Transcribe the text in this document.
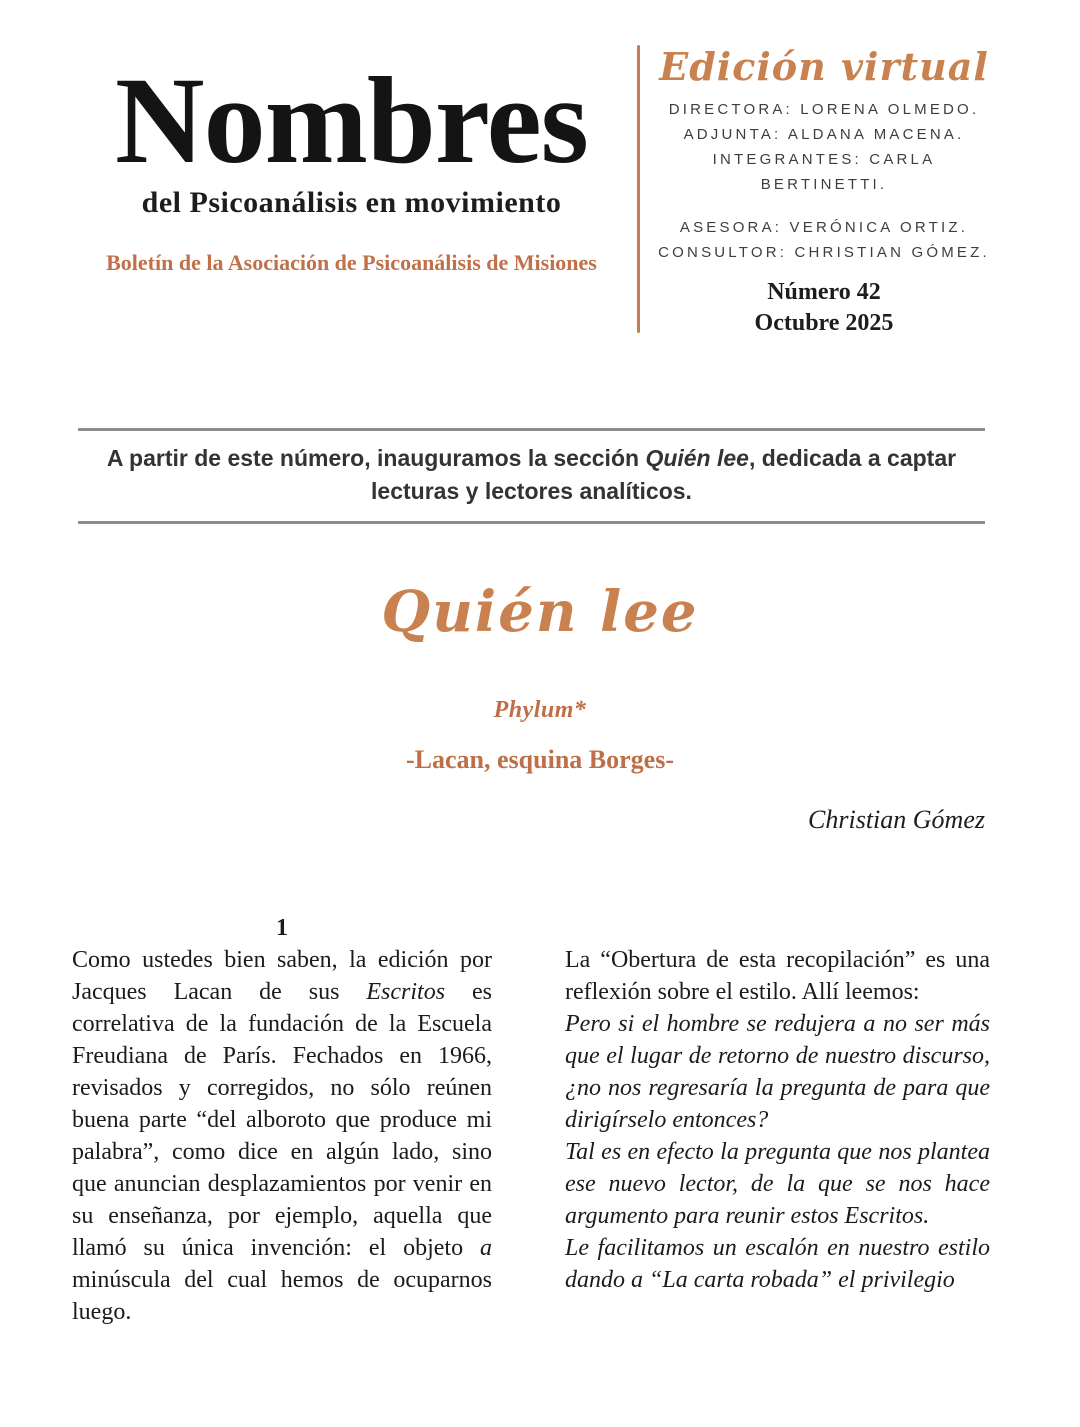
Nombres
del Psicoanálisis en movimiento
Boletín de la Asociación de Psicoanálisis de Misiones
Edición virtual
DIRECTORA: LORENA OLMEDO.
ADJUNTA: ALDANA MACENA.
INTEGRANTES: CARLA BERTINETTI.
ASESORA: VERÓNICA ORTIZ.
CONSULTOR: CHRISTIAN GÓMEZ.
Número 42
Octubre 2025
A partir de este número, inauguramos la sección Quién lee, dedicada a captar lecturas y lectores analíticos.
Quién lee
Phylum*
-Lacan, esquina Borges-
Christian Gómez
1

Como ustedes bien saben, la edición por Jacques Lacan de sus Escritos es correlativa de la fundación de la Escuela Freudiana de París. Fechados en 1966, revisados y corregidos, no sólo reúnen buena parte “del alboroto que produce mi palabra”, como dice en algún lado, sino que anuncian desplazamientos por venir en su enseñanza, por ejemplo, aquella que llamó su única invención: el objeto a minúscula del cual hemos de ocuparnos luego.

La “Obertura de esta recopilación” es una reflexión sobre el estilo. Allí leemos:

Pero si el hombre se redujera a no ser más que el lugar de retorno de nuestro discurso, ¿no nos regresaría la pregunta de para que dirigírselo entonces?

Tal es en efecto la pregunta que nos plantea ese nuevo lector, de la que se nos hace argumento para reunir estos Escritos.

Le facilitamos un escalón en nuestro estilo dando a “La carta robada” el privilegio
